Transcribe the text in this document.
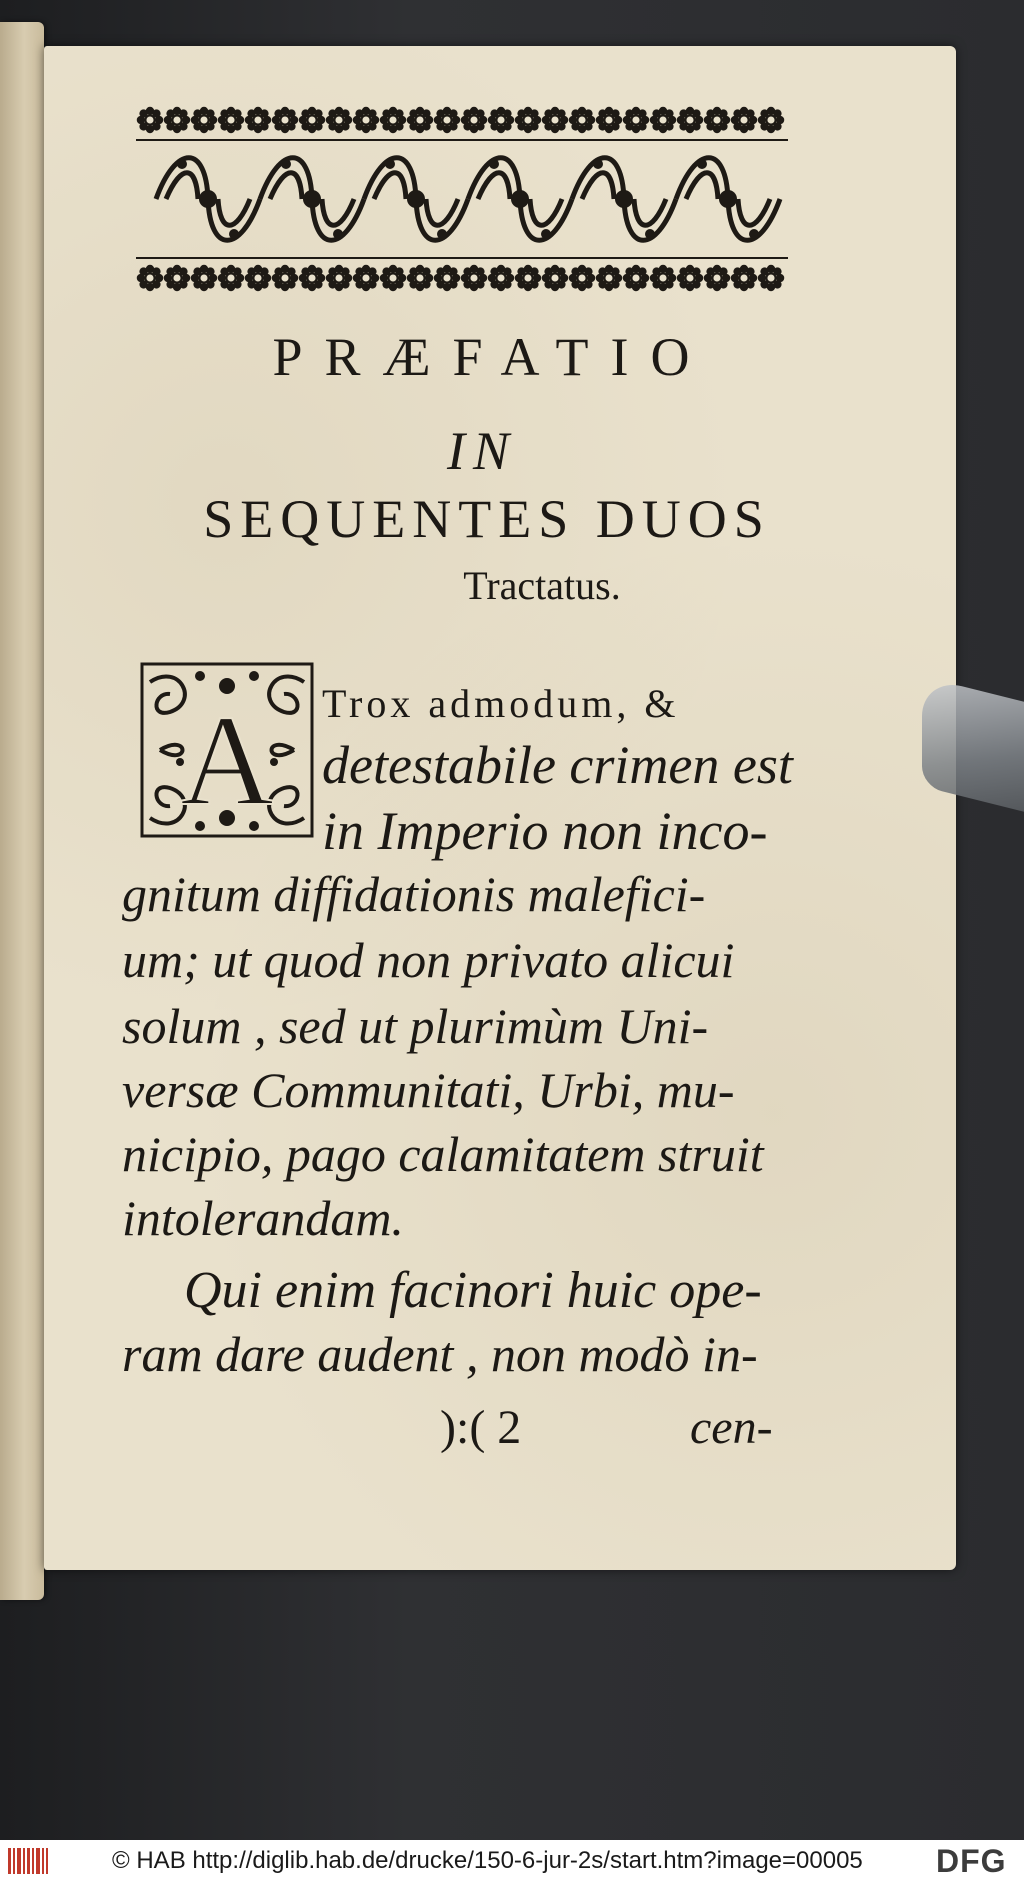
PRÆFATIO
IN
SEQUENTES DUOS
Tractatus.
A Trox admodum, &
detestabile crimen est
in Imperio non inco-
gnitum diffidationis malefici-
um; ut quod non privato alicui
solum , sed ut plurimùm Uni-
versæ Communitati, Urbi, mu-
nicipio, pago calamitatem struit
intolerandam.
Qui enim facinori huic ope-
ram dare audent , non modò in-
):( 2	cen-
© HAB http://diglib.hab.de/drucke/150-6-jur-2s/start.htm?image=00005 DFG
